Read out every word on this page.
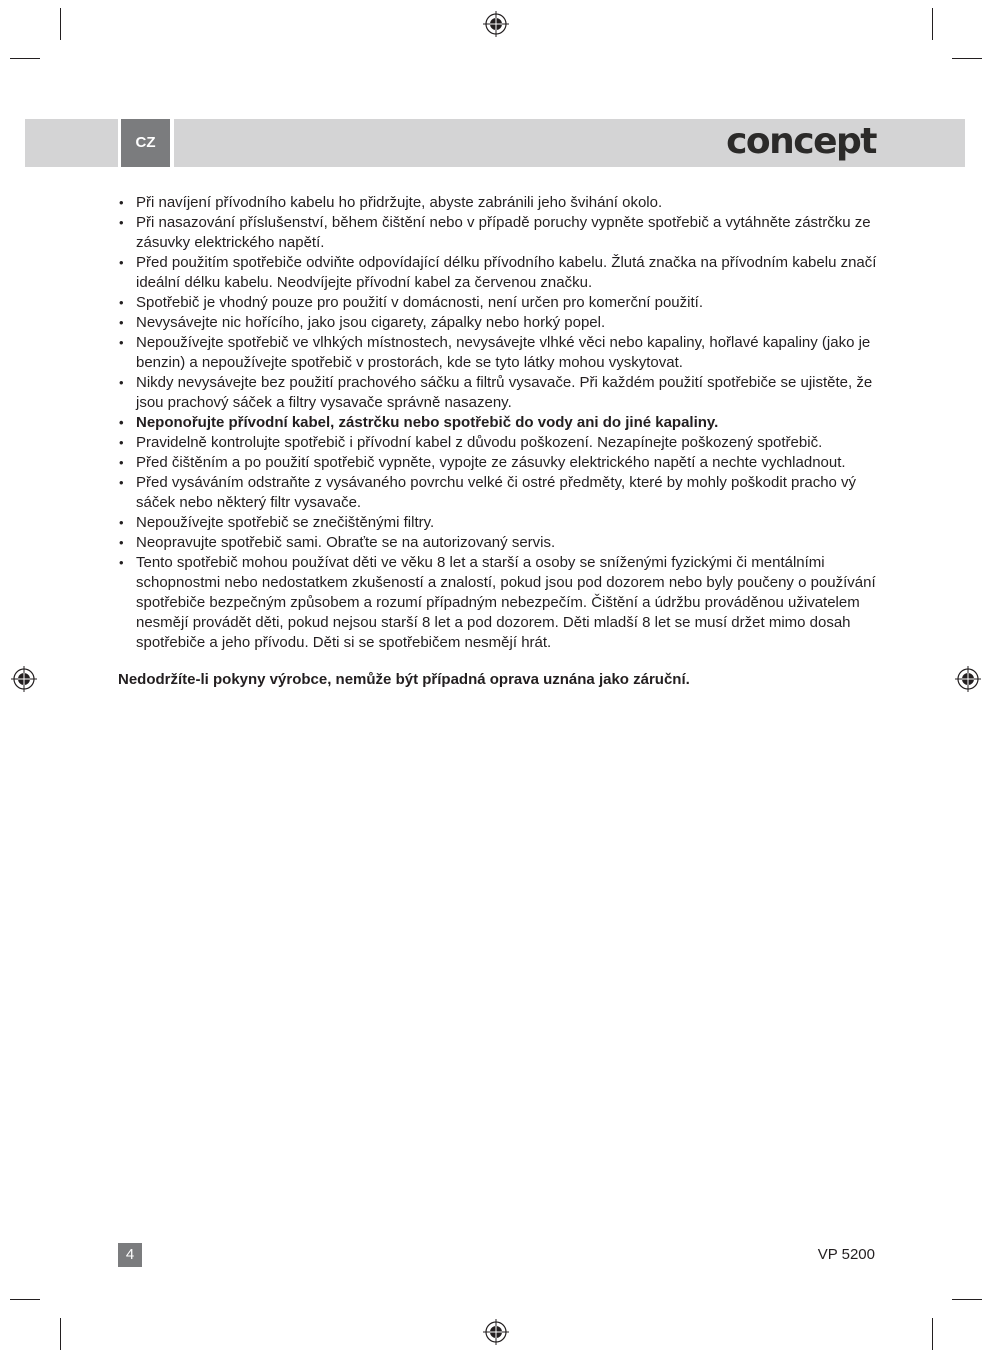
CZ	concept
• Při navíjení přívodního kabelu ho přidržujte, abyste zabránili jeho švihání okolo.
• Při nasazování příslušenství, během čištění nebo v případě poruchy vypněte spotřebič a vytáhněte zástrčku ze zásuvky elektrického napětí.
• Před použitím spotřebiče odviňte odpovídající délku přívodního kabelu. Žlutá značka na přívodním kabelu značí ideální délku kabelu. Neodvíjejte přívodní kabel za červenou značku.
• Spotřebič je vhodný pouze pro použití v domácnosti, není určen pro komerční použití.
• Nevysávejte nic hořícího, jako jsou cigarety, zápalky nebo horký popel.
• Nepoužívejte spotřebič ve vlhkých místnostech, nevysávejte vlhké věci nebo kapaliny, hořlavé kapaliny (jako je benzin) a nepoužívejte spotřebič v prostorách, kde se tyto látky mohou vyskytovat.
• Nikdy nevysávejte bez použití prachového sáčku a filtrů vysavače. Při každém použití spotřebiče se ujistěte, že jsou prachový sáček a filtry vysavače správně nasazeny.
• Neponořujte přívodní kabel, zástrčku nebo spotřebič do vody ani do jiné kapaliny.
• Pravidelně kontrolujte spotřebič i přívodní kabel z důvodu poškození. Nezapínejte poškozený spotřebič.
• Před čištěním a po použití spotřebič vypněte, vypojte ze zásuvky elektrického napětí a nechte vychladnout.
• Před vysáváním odstraňte z vysávaného povrchu velké či ostré předměty, které by mohly poškodit pracho vý sáček nebo některý filtr vysavače.
• Nepoužívejte spotřebič se znečištěnými filtry.
• Neopravujte spotřebič sami. Obraťte se na autorizovaný servis.
• Tento spotřebič mohou používat děti ve věku 8 let a starší a osoby se sníženými fyzickými či mentálními schopnostmi nebo nedostatkem zkušeností a znalostí, pokud jsou pod dozorem nebo byly poučeny o používání spotřebiče bezpečným způsobem a rozumí případným nebezpečím. Čištění a údržbu prováděnou uživatelem nesmějí provádět děti, pokud nejsou starší 8 let a pod dozorem. Děti mladší 8 let se musí držet mimo dosah spotřebiče a jeho přívodu. Děti si se spotřebičem nesmějí hrát.
Nedodržíte-li pokyny výrobce, nemůže být případná oprava uznána jako záruční.
4	VP 5200
